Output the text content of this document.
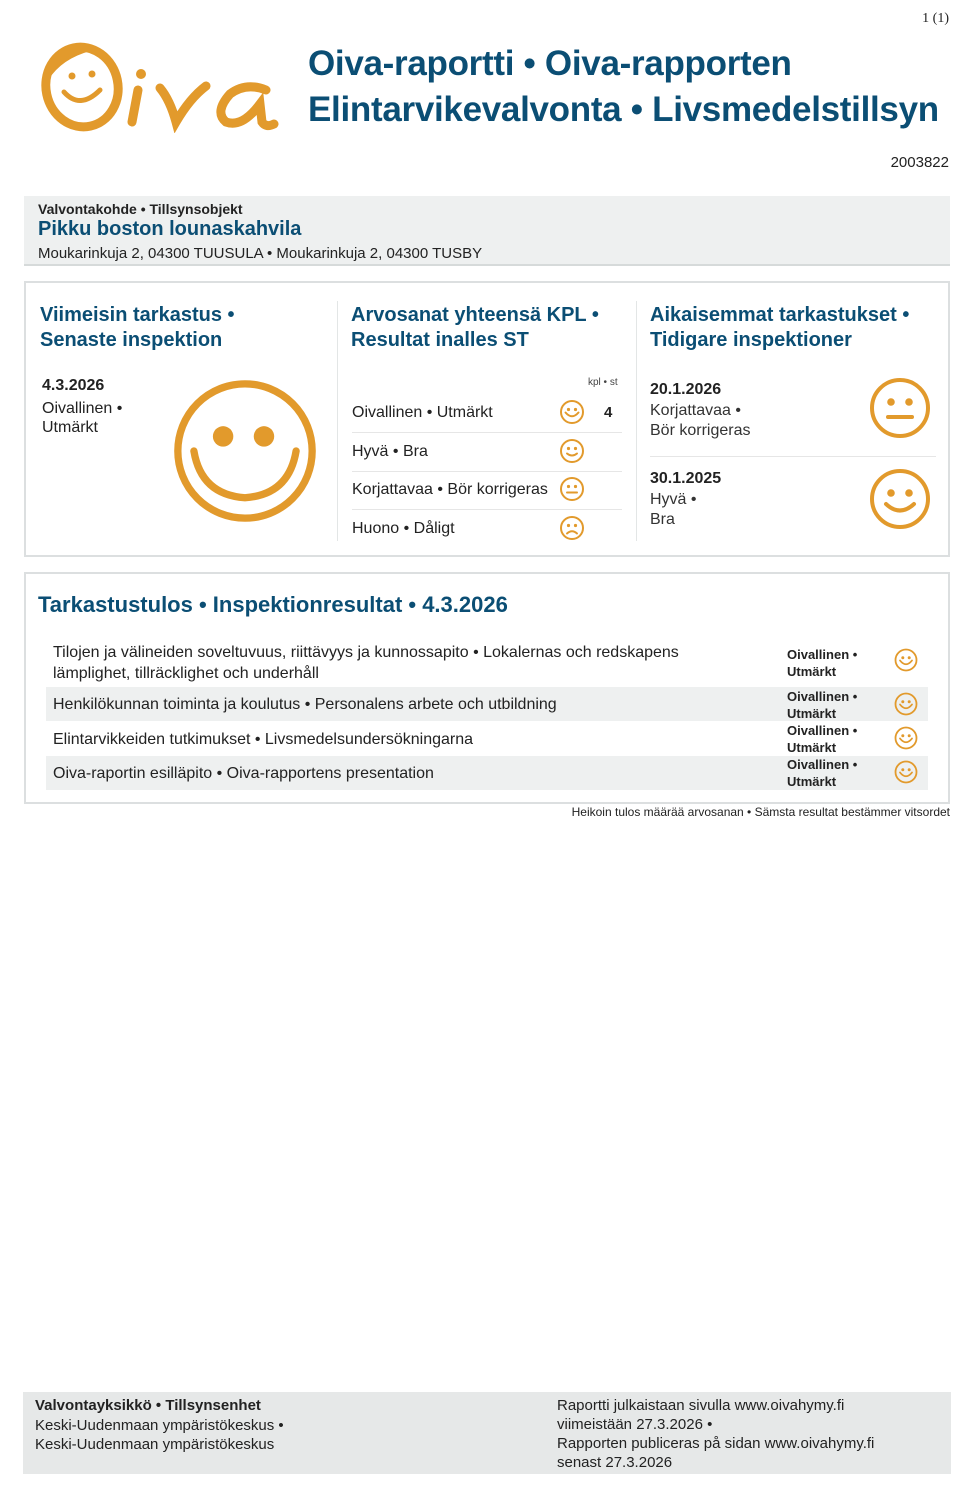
1 (1)
Oiva-raportti • Oiva-rapporten
Elintarvikevalvonta • Livsmedelstillsyn
2003822
Valvontakohde • Tillsynsobjekt
Pikku boston lounaskahvila
Moukarinkuja 2, 04300 TUUSULA • Moukarinkuja 2, 04300 TUSBY
Viimeisin tarkastus •
Senaste inspektion
4.3.2026
Oivallinen •
Utmärkt
Arvosanat yhteensä KPL •
Resultat inalles ST
kpl • st
Oivallinen • Utmärkt	4
Hyvä • Bra
Korjattavaa • Bör korrigeras
Huono • Dåligt
Aikaisemmat tarkastukset •
Tidigare inspektioner
20.1.2026
Korjattavaa •
Bör korrigeras
30.1.2025
Hyvä •
Bra
Tarkastustulos • Inspektionresultat • 4.3.2026
Tilojen ja välineiden soveltuvuus, riittävyys ja kunnossapito • Lokalernas och redskapens lämplighet, tillräcklighet och underhåll
Oivallinen •
Utmärkt
Henkilökunnan toiminta ja koulutus • Personalens arbete och utbildning	Oivallinen •
Utmärkt
Elintarvikkeiden tutkimukset • Livsmedelsundersökningarna
Oivallinen •
Utmärkt
Oiva-raportin esilläpito • Oiva-rapportens presentation
Oivallinen •
Utmärkt
Heikoin tulos määrää arvosanan • Sämsta resultat bestämmer vitsordet
Valvontayksikkö • Tillsynsenhet
Keski-Uudenmaan ympäristökeskus •
Keski-Uudenmaan ympäristökeskus
Raportti julkaistaan sivulla www.oivahymy.fi
viimeistään 27.3.2026 •
Rapporten publiceras på sidan www.oivahymy.fi
senast 27.3.2026
